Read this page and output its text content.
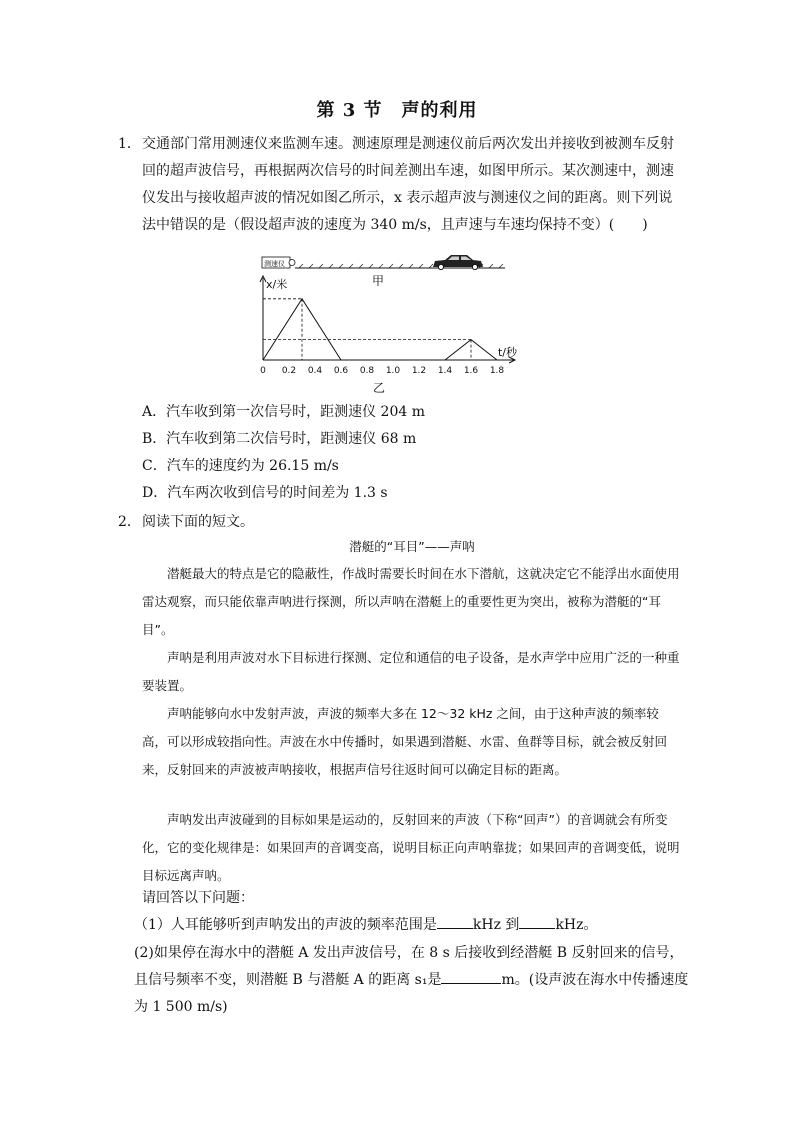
第 3 节　声的利用
1． 交通部门常用测速仪来监测车速。测速原理是测速仪前后两次发出并接收到被测车反射回的超声波信号，再根据两次信号的时间差测出车速，如图甲所示。某次测速中，测速仪发出与接收超声波的情况如图乙所示，x 表示超声波与测速仪之间的距离。则下列说法中错误的是（假设超声波的速度为 340 m/s，且声速与车速均保持不变）(　　)
测速仪
甲
x/米
t/秒
0 0.2 0.4 0.6 0.8 1.0 1.2 1.4 1.6 1.8
乙
A．汽车收到第一次信号时，距测速仪 204 m
B．汽车收到第二次信号时，距测速仪 68 m
C．汽车的速度约为 26.15 m/s
D．汽车两次收到信号的时间差为 1.3 s
2． 阅读下面的短文。
潜艇的“耳目”——声呐

潜艇最大的特点是它的隐蔽性，作战时需要长时间在水下潜航，这就决定它不能浮出水面使用雷达观察，而只能依靠声呐进行探测，所以声呐在潜艇上的重要性更为突出，被称为潜艇的“耳目”。

声呐是利用声波对水下目标进行探测、定位和通信的电子设备，是水声学中应用广泛的一种重要装置。

声呐能够向水中发射声波，声波的频率大多在 12～32 kHz 之间，由于这种声波的频率较高，可以形成较指向性。声波在水中传播时，如果遇到潜艇、水雷、鱼群等目标，就会被反射回来，反射回来的声波被声呐接收，根据声信号往返时间可以确定目标的距离。

声呐发出声波碰到的目标如果是运动的，反射回来的声波（下称“回声”）的音调就会有所变化，它的变化规律是：如果回声的音调变高，说明目标正向声呐靠拢；如果回声的音调变低，说明目标远离声呐。

请回答以下问题：
（1）人耳能够听到声呐发出的声波的频率范围是	kHz 到	kHz。
(2)如果停在海水中的潜艇 A 发出声波信号，在 8 s 后接收到经潜艇 B 反射回来的信号，且信号频率不变，则潜艇 B 与潜艇 A 的距离 s₁是	m。(设声波在海水中传播速度为 1 500 m/s)
